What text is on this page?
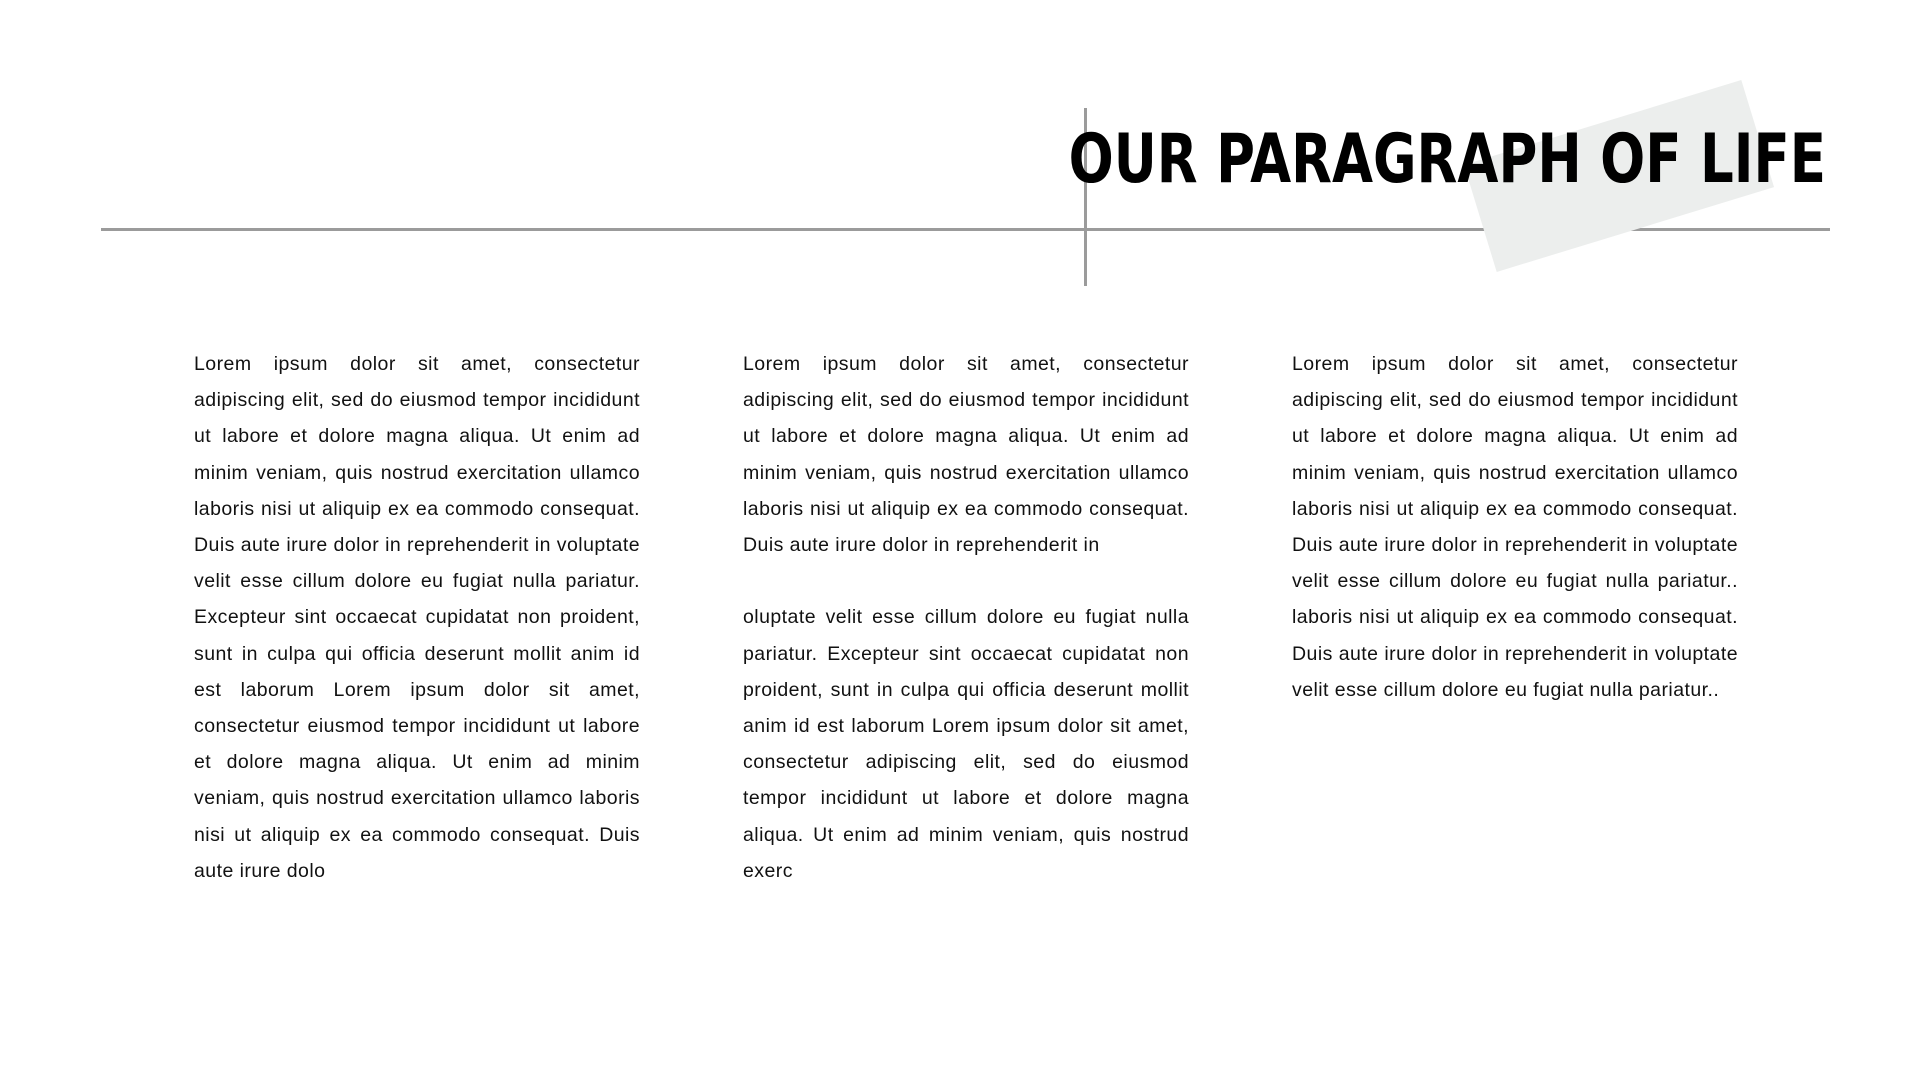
OUR PARAGRAPH OF LIFE

Lorem ipsum dolor sit amet, consectetur adipiscing elit, sed do eiusmod tempor incididunt ut labore et dolore magna aliqua. Ut enim ad minim veniam, quis nostrud exercitation ullamco laboris nisi ut aliquip ex ea commodo consequat. Duis aute irure dolor in reprehenderit in voluptate velit esse cillum dolore eu fugiat nulla pariatur. Excepteur sint occaecat cupidatat non proident, sunt in culpa qui officia deserunt mollit anim id est laborum Lorem ipsum dolor sit amet, consectetur eiusmod tempor incididunt ut labore et dolore magna aliqua. Ut enim ad minim veniam, quis nostrud exercitation ullamco laboris nisi ut aliquip ex ea commodo consequat. Duis aute irure dolo

Lorem ipsum dolor sit amet, consectetur adipiscing elit, sed do eiusmod tempor incididunt ut labore et dolore magna aliqua. Ut enim ad minim veniam, quis nostrud exercitation ullamco laboris nisi ut aliquip ex ea commodo consequat. Duis aute irure dolor in reprehenderit in

oluptate velit esse cillum dolore eu fugiat nulla pariatur. Excepteur sint occaecat cupidatat non proident, sunt in culpa qui officia deserunt mollit anim id est laborum Lorem ipsum dolor sit amet, consectetur adipiscing elit, sed do eiusmod tempor incididunt ut labore et dolore magna aliqua. Ut enim ad minim veniam, quis nostrud exerc

Lorem ipsum dolor sit amet, consectetur adipiscing elit, sed do eiusmod tempor incididunt ut labore et dolore magna aliqua. Ut enim ad minim veniam, quis nostrud exercitation ullamco laboris nisi ut aliquip ex ea commodo consequat. Duis aute irure dolor in reprehenderit in voluptate velit esse cillum dolore eu fugiat nulla pariatur.. laboris nisi ut aliquip ex ea commodo consequat. Duis aute irure dolor in reprehenderit in voluptate velit esse cillum dolore eu fugiat nulla pariatur..
